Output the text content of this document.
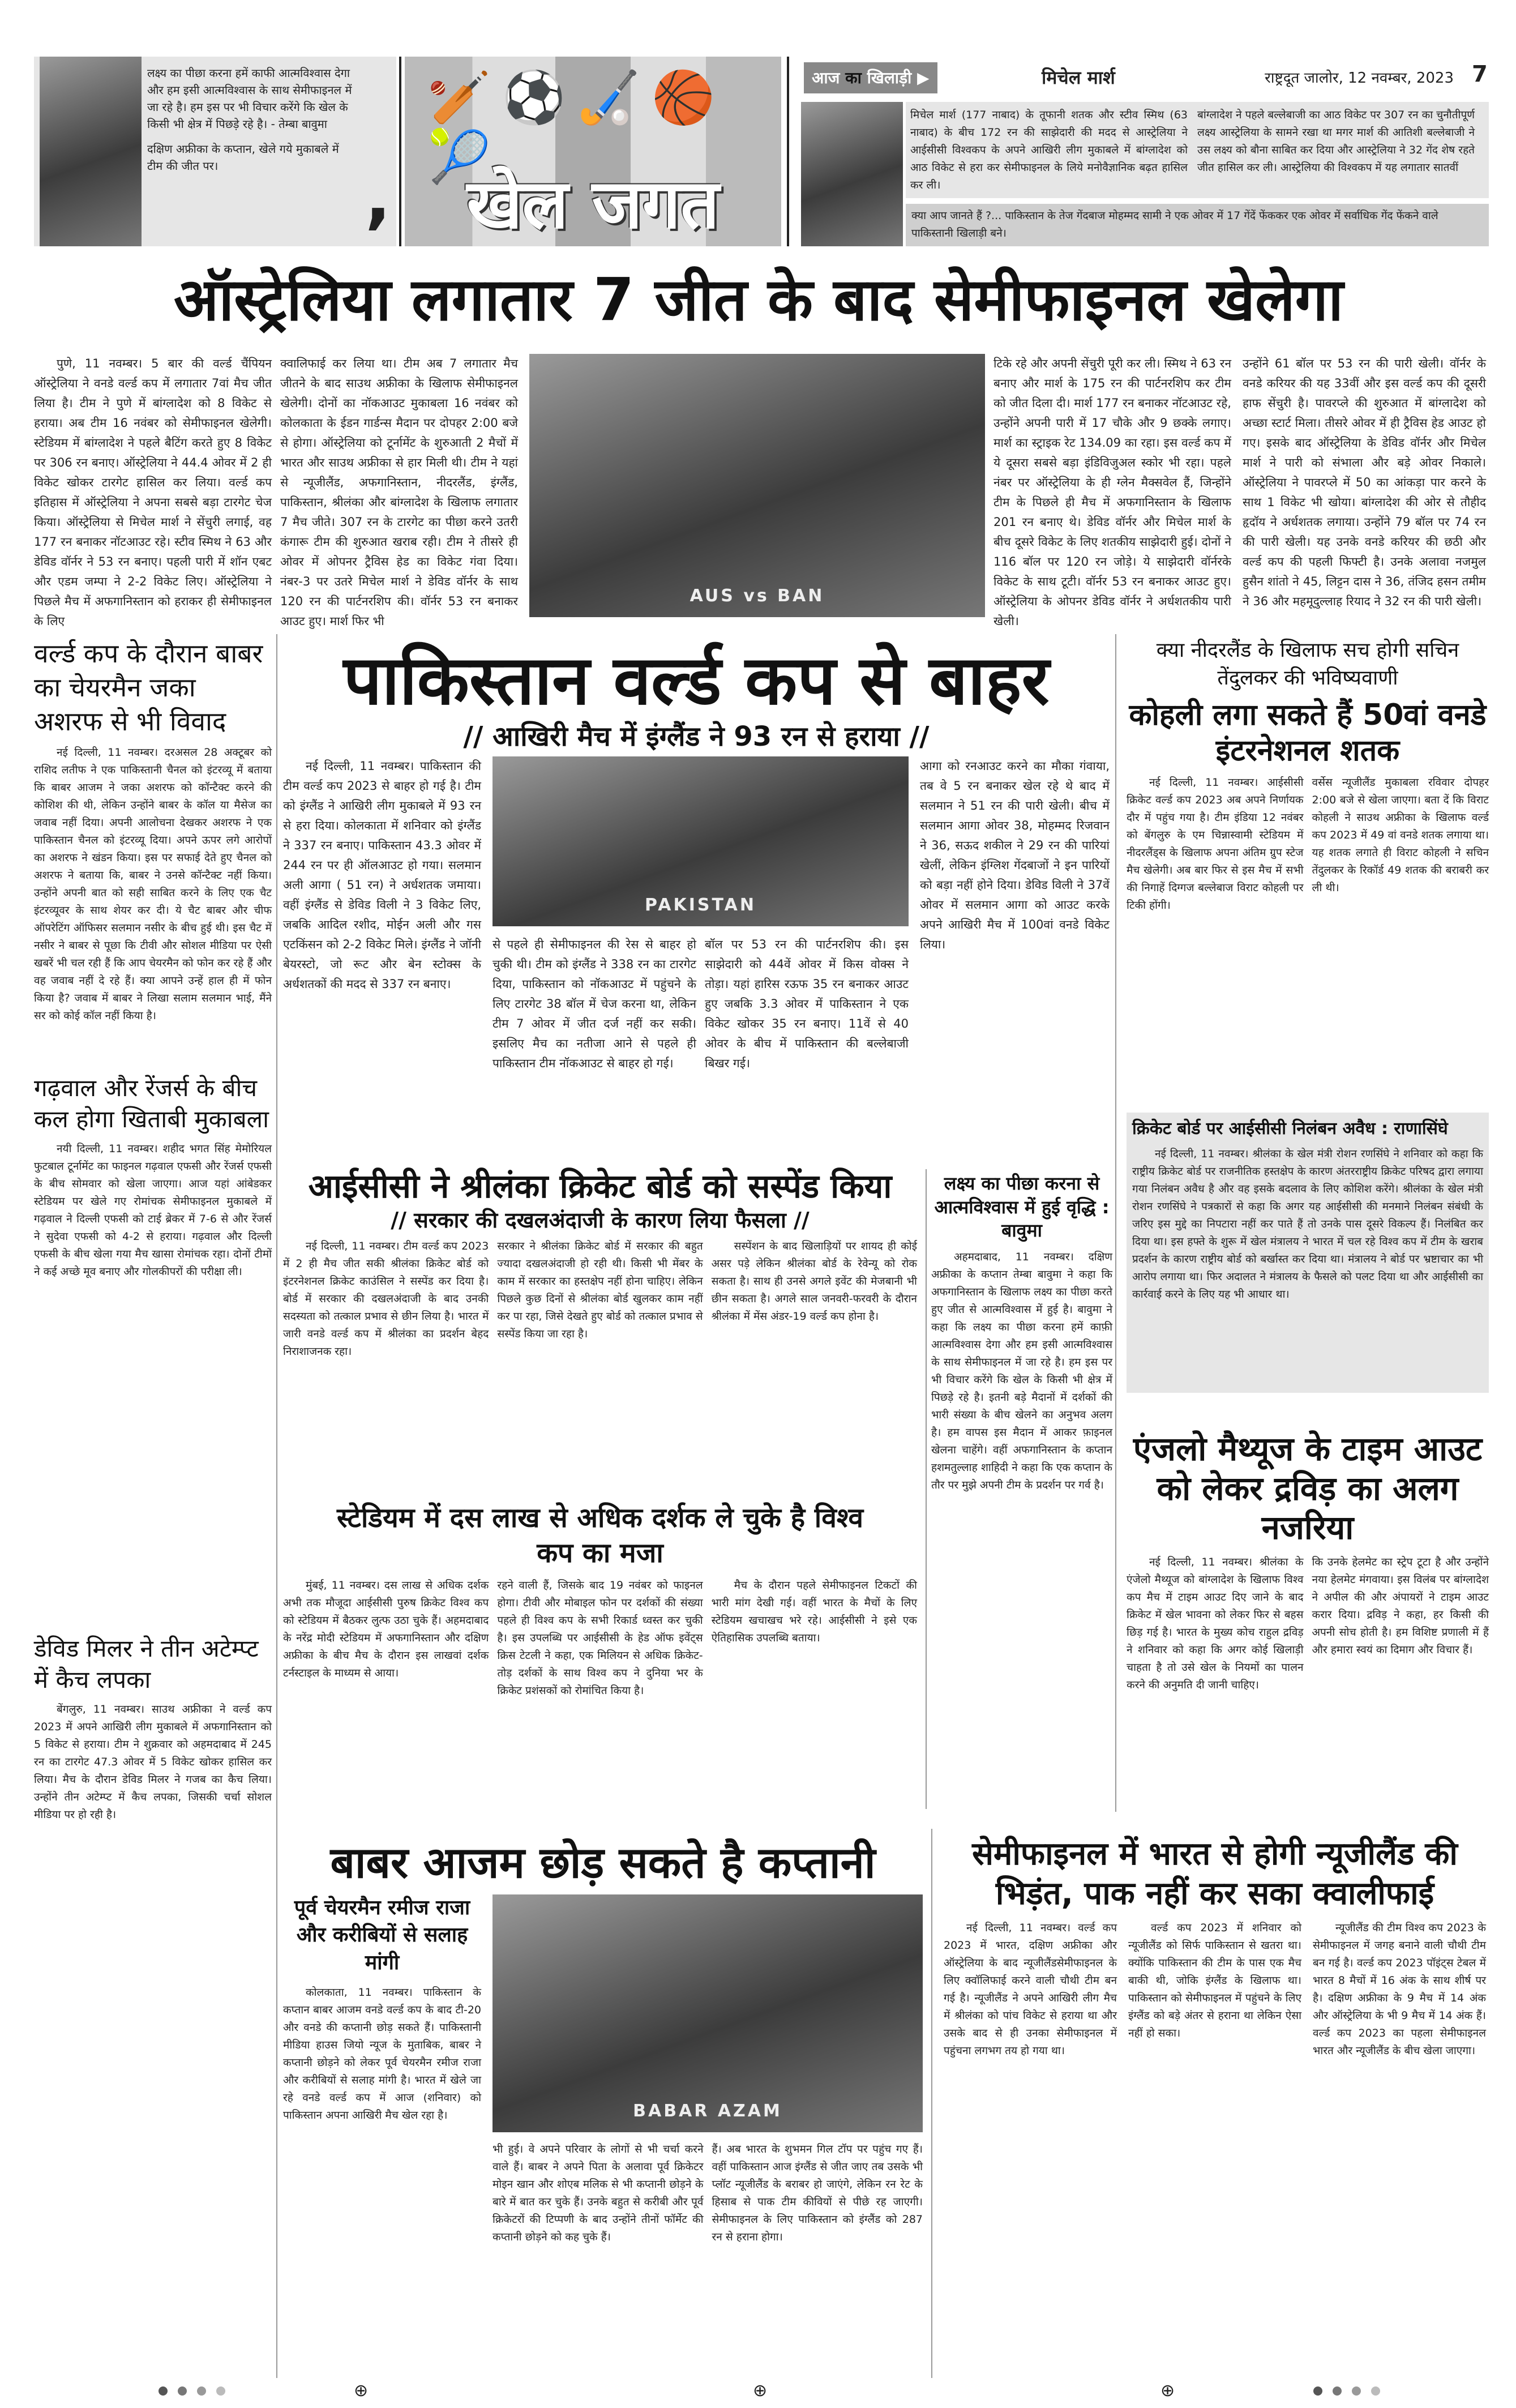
लक्ष्य का पीछा करना हमें काफी आत्मविश्वास देगा और हम इसी आत्मविश्वास के साथ सेमीफाइनल में जा रहे है। हम इस पर भी विचार करेंगे कि खेल के किसी भी क्षेत्र में पिछड़े रहे है। - तेम्बा बावुमा
दक्षिण अफ्रीका के कप्तान, खेले गये मुकाबले में टीम की जीत पर।	,
🏏⚽🏑🏀🎾
खेल जगत
आज का खिलाड़ी ▶	मिचेल मार्श	राष्ट्रदूत जालोर, 12 नवम्बर, 2023 7
मिचेल मार्श (177 नाबाद) के तूफानी शतक और स्टीव स्मिथ (63 नाबाद) के बीच 172 रन की साझेदारी की मदद से आस्ट्रेलिया ने आईसीसी विश्वकप के अपने आखिरी लीग मुकाबले में बांग्लादेश को आठ विकेट से हरा कर सेमीफाइनल के लिये मनोवैज्ञानिक बढ़त हासिल कर ली।
बांग्लादेश ने पहले बल्लेबाजी का आठ विकेट पर 307 रन का चुनौतीपूर्ण लक्ष्य आस्ट्रेलिया के सामने रखा था मगर मार्श की आतिशी बल्लेबाजी ने उस लक्ष्य को बौना साबित कर दिया और आस्ट्रेलिया ने 32 गेंद शेष रहते जीत हासिल कर ली। आस्ट्रेलिया की विश्वकप में यह लगातार सातवीं
क्या आप जानते हैं ?... पाकिस्तान के तेज गेंदबाज मोहम्मद सामी ने एक ओवर में 17 गेंदें फेंककर एक ओवर में सर्वाधिक गेंद फेंकने वाले पाकिस्तानी खिलाड़ी बने।
ऑस्ट्रेलिया लगातार 7 जीत के बाद सेमीफाइनल खेलेगा
पुणे, 11 नवम्बर। 5 बार की वर्ल्ड चैंपियन ऑस्ट्रेलिया ने वनडे वर्ल्ड कप में लगातार 7वां मैच जीत लिया है। टीम ने पुणे में बांग्लादेश को 8 विकेट से हराया। अब टीम 16 नवंबर को सेमीफाइनल खेलेगी। स्टेडियम में बांग्लादेश ने पहले बैटिंग करते हुए 8 विकेट पर 306 रन बनाए। ऑस्ट्रेलिया ने 44.4 ओवर में 2 ही विकेट खोकर टारगेट हासिल कर लिया। वर्ल्ड कप इतिहास में ऑस्ट्रेलिया ने अपना सबसे बड़ा टारगेट चेज किया। ऑस्ट्रेलिया से मिचेल मार्श ने सेंचुरी लगाई, वह 177 रन बनाकर नॉटआउट रहे। स्टीव स्मिथ ने 63 और डेविड वॉर्नर ने 53 रन बनाए। पहली पारी में शॉन एबट और एडम जम्पा ने 2-2 विकेट लिए। ऑस्ट्रेलिया ने पिछले मैच में अफगानिस्तान को हराकर ही सेमीफाइनल के लिए
क्वालिफाई कर लिया था। टीम अब 7 लगातार मैच जीतने के बाद साउथ अफ्रीका के खिलाफ सेमीफाइनल खेलेगी। दोनों का नॉकआउट मुकाबला 16 नवंबर को कोलकाता के ईडन गार्डन्स मैदान पर दोपहर 2:00 बजे से होगा। ऑस्ट्रेलिया को टूर्नामेंट के शुरुआती 2 मैचों में भारत और साउथ अफ्रीका से हार मिली थी। टीम ने यहां से न्यूजीलैंड, अफगानिस्तान, नीदरलैंड, इंग्लैंड, पाकिस्तान, श्रीलंका और बांग्लादेश के खिलाफ लगातार 7 मैच जीते। 307 रन के टारगेट का पीछा करने उतरी कंगारू टीम की शुरुआत खराब रही। टीम ने तीसरे ही ओवर में ओपनर ट्रैविस हेड का विकेट गंवा दिया। नंबर-3 पर उतरे मिचेल मार्श ने डेविड वॉर्नर के साथ 120 रन की पार्टनरशिप की। वॉर्नर 53 रन बनाकर आउट हुए। मार्श फिर भी
AUS vs BAN
टिके रहे और अपनी सेंचुरी पूरी कर ली। स्मिथ ने 63 रन बनाए और मार्श के 175 रन की पार्टनरशिप कर टीम को जीत दिला दी। मार्श 177 रन बनाकर नॉटआउट रहे, उन्होंने अपनी पारी में 17 चौके और 9 छक्के लगाए। मार्श का स्ट्राइक रेट 134.09 का रहा। इस वर्ल्ड कप में ये दूसरा सबसे बड़ा इंडिविजुअल स्कोर भी रहा। पहले नंबर पर ऑस्ट्रेलिया के ही ग्लेन मैक्सवेल हैं, जिन्होंने टीम के पिछले ही मैच में अफगानिस्तान के खिलाफ 201 रन बनाए थे। डेविड वॉर्नर और मिचेल मार्श के बीच दूसरे विकेट के लिए शतकीय साझेदारी हुई। दोनों ने 116 बॉल पर 120 रन जोड़े। ये साझेदारी वॉर्नरके विकेट के साथ टूटी। वॉर्नर 53 रन बनाकर आउट हुए। ऑस्ट्रेलिया के ओपनर डेविड वॉर्नर ने अर्धशतकीय पारी खेली।
उन्होंने 61 बॉल पर 53 रन की पारी खेली। वॉर्नर के वनडे करियर की यह 33वीं और इस वर्ल्ड कप की दूसरी हाफ सेंचुरी है। पावरप्ले की शुरुआत में बांग्लादेश को अच्छा स्टार्ट मिला। तीसरे ओवर में ही ट्रैविस हेड आउट हो गए। इसके बाद ऑस्ट्रेलिया के डेविड वॉर्नर और मिचेल मार्श ने पारी को संभाला और बड़े ओवर निकाले। ऑस्ट्रेलिया ने पावरप्ले में 50 का आंकड़ा पार करने के साथ 1 विकेट भी खोया। बांग्लादेश की ओर से तौहीद हृदॉय ने अर्धशतक लगाया। उन्होंने 79 बॉल पर 74 रन की पारी खेली। यह उनके वनडे करियर की छठी और वर्ल्ड कप की पहली फिफ्टी है। उनके अलावा नजमुल हुसैन शांतो ने 45, लिट्टन दास ने 36, तंजिद हसन तमीम ने 36 और महमूदुल्लाह रियाद ने 32 रन की पारी खेली।
वर्ल्ड कप के दौरान बाबर का चेयरमैन जका अशरफ से भी विवाद
नई दिल्ली, 11 नवम्बर। दरअसल 28 अक्टूबर को राशिद लतीफ ने एक पाकिस्तानी चैनल को इंटरव्यू में बताया कि बाबर आजम ने जका अशरफ को कॉन्टैक्ट करने की कोशिश की थी, लेकिन उन्होंने बाबर के कॉल या मैसेज का जवाब नहीं दिया। अपनी आलोचना देखकर अशरफ ने एक पाकिस्तान चैनल को इंटरव्यू दिया। अपने ऊपर लगे आरोपों का अशरफ ने खंडन किया। इस पर सफाई देते हुए चैनल को अशरफ ने बताया कि, बाबर ने उनसे कॉन्टैक्ट नहीं किया। उन्होंने अपनी बात को सही साबित करने के लिए एक चैट इंटरव्यूवर के साथ शेयर कर दी। ये चैट बाबर और चीफ ऑपरेटिंग ऑफिसर सलमान नसीर के बीच हुई थी। इस चैट में नसीर ने बाबर से पूछा कि टीवी और सोशल मीडिया पर ऐसी खबरें भी चल रही हैं कि आप चेयरमैन को फोन कर रहे हैं और वह जवाब नहीं दे रहे हैं। क्या आपने उन्हें हाल ही में फोन किया है? जवाब में बाबर ने लिखा सलाम सलमान भाई, मैंने सर को कोई कॉल नहीं किया है।
गढ़वाल और रेंजर्स के बीच कल होगा खिताबी मुकाबला
नयी दिल्ली, 11 नवम्बर। शहीद भगत सिंह मेमोरियल फुटबाल टूर्नामेंट का फाइनल गढ़वाल एफसी और रेंजर्स एफसी के बीच सोमवार को खेला जाएगा। आज यहां आंबेडकर स्टेडियम पर खेले गए रोमांचक सेमीफाइनल मुकाबले में गढ़वाल ने दिल्ली एफसी को टाई ब्रेकर में 7-6 से और रेंजर्स ने सुदेवा एफसी को 4-2 से हराया। गढ़वाल और दिल्ली एफसी के बीच खेला गया मैच खासा रोमांचक रहा। दोनों टीमों ने कई अच्छे मूव बनाए और गोलकीपरों की परीक्षा ली।
डेविड मिलर ने तीन अटेम्प्ट में कैच लपका
बेंगलुरु, 11 नवम्बर। साउथ अफ्रीका ने वर्ल्ड कप 2023 में अपने आखिरी लीग मुकाबले में अफगानिस्तान को 5 विकेट से हराया। टीम ने शुक्रवार को अहमदाबाद में 245 रन का टारगेट 47.3 ओवर में 5 विकेट खोकर हासिल कर लिया। मैच के दौरान डेविड मिलर ने गजब का कैच लिया। उन्होंने तीन अटेम्प्ट में कैच लपका, जिसकी चर्चा सोशल मीडिया पर हो रही है।
पाकिस्तान वर्ल्ड कप से बाहर
// आखिरी मैच में इंग्लैंड ने 93 रन से हराया //
नई दिल्ली, 11 नवम्बर। पाकिस्तान की टीम वर्ल्ड कप 2023 से बाहर हो गई है। टीम को इंग्लैंड ने आखिरी लीग मुकाबले में 93 रन से हरा दिया। कोलकाता में शनिवार को इंग्लैंड ने 337 रन बनाए। पाकिस्तान 43.3 ओवर में 244 रन पर ही ऑलआउट हो गया। सलमान अली आगा ( 51 रन) ने अर्धशतक जमाया। वहीं इंग्लैंड से डेविड विली ने 3 विकेट लिए, जबकि आदिल रशीद, मोईन अली और गस एटकिंसन को 2-2 विकेट मिले। इंग्लैंड ने जॉनी बेयरस्टो, जो रूट और बेन स्टोक्स के अर्धशतकों की मदद से 337 रन बनाए।
PAKISTAN
से पहले ही सेमीफाइनल की रेस से बाहर हो चुकी थी। टीम को इंग्लैंड ने 338 रन का टारगेट दिया, पाकिस्तान को नॉकआउट में पहुंचने के लिए टारगेट 38 बॉल में चेज करना था, लेकिन टीम 7 ओवर में जीत दर्ज नहीं कर सकी। इसलिए मैच का नतीजा आने से पहले ही पाकिस्तान टीम नॉकआउट से बाहर हो गई।
बॉल पर 53 रन की पार्टनरशिप की। इस साझेदारी को 44वें ओवर में किस वोक्स ने तोड़ा। यहां हारिस रऊफ 35 रन बनाकर आउट हुए जबकि 3.3 ओवर में पाकिस्तान ने एक विकेट खोकर 35 रन बनाए। 11वें से 40 ओवर के बीच में पाकिस्तान की बल्लेबाजी बिखर गई।
आगा को रनआउट करने का मौका गंवाया, तब वे 5 रन बनाकर खेल रहे थे बाद में सलमान ने 51 रन की पारी खेली। बीच में सलमान आगा ओवर 38, मोहम्मद रिजवान ने 36, सऊद शकील ने 29 रन की पारियां खेलीं, लेकिन इंग्लिश गेंदबाजों ने इन पारियों को बड़ा नहीं होने दिया। डेविड विली ने 37वें ओवर में सलमान आगा को आउट करके अपने आखिरी मैच में 100वां वनडे विकेट लिया।
क्या नीदरलैंड के खिलाफ सच होगी सचिन तेंदुलकर की भविष्यवाणी
कोहली लगा सकते हैं 50वां वनडे इंटरनेशनल शतक
नई दिल्ली, 11 नवम्बर। आईसीसी क्रिकेट वर्ल्ड कप 2023 अब अपने निर्णायक दौर में पहुंच गया है। टीम इंडिया 12 नवंबर को बेंगलुरु के एम चिन्नास्वामी स्टेडियम में नीदरलैंड्स के खिलाफ अपना अंतिम ग्रुप स्टेज मैच खेलेगी। अब बार फिर से इस मैच में सभी की निगाहें दिग्गज बल्लेबाज विराट कोहली पर टिकी होंगी।
वर्सेस न्यूजीलैंड मुकाबला रविवार दोपहर 2:00 बजे से खेला जाएगा। बता दें कि विराट कोहली ने साउथ अफ्रीका के खिलाफ वर्ल्ड कप 2023 में 49 वां वनडे शतक लगाया था। यह शतक लगाते ही विराट कोहली ने सचिन तेंदुलकर के रिकॉर्ड 49 शतक की बराबरी कर ली थी।
क्रिकेट बोर्ड पर आईसीसी निलंबन अवैध : राणासिंघे
नई दिल्ली, 11 नवम्बर। श्रीलंका के खेल मंत्री रोशन रणसिंघे ने शनिवार को कहा कि राष्ट्रीय क्रिकेट बोर्ड पर राजनीतिक हस्तक्षेप के कारण अंतरराष्ट्रीय क्रिकेट परिषद द्वारा लगाया गया निलंबन अवैध है और वह इसके बदलाव के लिए कोशिश करेंगे। श्रीलंका के खेल मंत्री रोशन रणसिंघे ने पत्रकारों से कहा कि अगर यह आईसीसी की मनमाने निलंबन संबंधी के जरिए इस मुद्दे का निपटारा नहीं कर पाते हैं तो उनके पास दूसरे विकल्प हैं। निलंबित कर दिया था। इस हफ्ते के शुरू में खेल मंत्रालय ने भारत में चल रहे विश्व कप में टीम के खराब प्रदर्शन के कारण राष्ट्रीय बोर्ड को बर्खास्त कर दिया था। मंत्रालय ने बोर्ड पर भ्रष्टाचार का भी आरोप लगाया था। फिर अदालत ने मंत्रालय के फैसले को पलट दिया था और आईसीसी का कार्रवाई करने के लिए यह भी आधार था।
आईसीसी ने श्रीलंका क्रिकेट बोर्ड को सस्पेंड किया
// सरकार की दखलअंदाजी के कारण लिया फैसला //
नई दिल्ली, 11 नवम्बर। टीम वर्ल्ड कप 2023 में 2 ही मैच जीत सकी श्रीलंका क्रिकेट बोर्ड को इंटरनेशनल क्रिकेट काउंसिल ने सस्पेंड कर दिया है। बोर्ड में सरकार की दखलअंदाजी के बाद उनकी सदस्यता को तत्काल प्रभाव से छीन लिया है। भारत में जारी वनडे वर्ल्ड कप में श्रीलंका का प्रदर्शन बेहद निराशाजनक रहा।
सरकार ने श्रीलंका क्रिकेट बोर्ड में सरकार की बहुत ज्यादा दखलअंदाजी हो रही थी। किसी भी मेंबर के काम में सरकार का हस्तक्षेप नहीं होना चाहिए। लेकिन पिछले कुछ दिनों से श्रीलंका बोर्ड खुलकर काम नहीं कर पा रहा, जिसे देखते हुए बोर्ड को तत्काल प्रभाव से सस्पेंड किया जा रहा है।
सस्पेंशन के बाद खिलाड़ियों पर शायद ही कोई असर पड़े लेकिन श्रीलंका बोर्ड के रेवेन्यू को रोक सकता है। साथ ही उनसे अगले इवेंट की मेजबानी भी छीन सकता है। अगले साल जनवरी-फरवरी के दौरान श्रीलंका में मेंस अंडर-19 वर्ल्ड कप होना है।
लक्ष्य का पीछा करना से आत्मविश्वास में हुई वृद्धि : बावुमा
अहमदाबाद, 11 नवम्बर। दक्षिण अफ्रीका के कप्तान तेम्बा बावुमा ने कहा कि अफगानिस्तान के खिलाफ लक्ष्य का पीछा करते हुए जीत से आत्मविश्वास में हुई है। बावुमा ने कहा कि लक्ष्य का पीछा करना हमें काफ़ी आत्मविश्वास देगा और हम इसी आत्मविश्वास के साथ सेमीफाइनल में जा रहे है। हम इस पर भी विचार करेंगे कि खेल के किसी भी क्षेत्र में पिछड़े रहे है। इतनी बड़े मैदानों में दर्शकों की भारी संख्या के बीच खेलने का अनुभव अलग है। हम वापस इस मैदान में आकर फ़ाइनल खेलना चाहेंगे। वहीं अफगानिस्तान के कप्तान हशमतुल्लाह शाहिदी ने कहा कि एक कप्तान के तौर पर मुझे अपनी टीम के प्रदर्शन पर गर्व है।
एंजलो मैथ्यूज के टाइम आउट को लेकर द्रविड़ का अलग नजरिया
नई दिल्ली, 11 नवम्बर। श्रीलंका के एंजेलो मैथ्यूज को बांग्लादेश के खिलाफ विश्व कप मैच में टाइम आउट दिए जाने के बाद क्रिकेट में खेल भावना को लेकर फिर से बहस छिड़ गई है। भारत के मुख्य कोच राहुल द्रविड़ ने शनिवार को कहा कि अगर कोई खिलाड़ी चाहता है तो उसे खेल के नियमों का पालन करने की अनुमति दी जानी चाहिए।
कि उनके हेलमेट का स्ट्रेप टूटा है और उन्होंने नया हेलमेट मंगवाया। इस विलंब पर बांग्लादेश ने अपील की और अंपायरों ने टाइम आउट करार दिया। द्रविड़ ने कहा, हर किसी की अपनी सोच होती है। हम विशिष्ट प्रणाली में हैं और हमारा स्वयं का दिमाग और विचार हैं।
स्टेडियम में दस लाख से अधिक दर्शक ले चुके है विश्व कप का मजा
मुंबई, 11 नवम्बर। दस लाख से अधिक दर्शक अभी तक मौजूदा आईसीसी पुरुष क्रिकेट विश्व कप को स्टेडियम में बैठकर लुत्फ उठा चुके हैं। अहमदाबाद के नरेंद्र मोदी स्टेडियम में अफगानिस्तान और दक्षिण अफ्रीका के बीच मैच के दौरान इस लाखवां दर्शक टर्नस्टाइल के माध्यम से आया।
रहने वाली हैं, जिसके बाद 19 नवंबर को फाइनल होगा। टीवी और मोबाइल फोन पर दर्शकों की संख्या पहले ही विश्व कप के सभी रिकार्ड ध्वस्त कर चुकी है। इस उपलब्धि पर आईसीसी के हेड ऑफ इवेंट्स क्रिस टेटली ने कहा, एक मिलियन से अधिक क्रिकेट-तोड़ दर्शकों के साथ विश्व कप ने दुनिया भर के क्रिकेट प्रशंसकों को रोमांचित किया है।
मैच के दौरान पहले सेमीफाइनल टिकटों की भारी मांग देखी गई। वहीं भारत के मैचों के लिए स्टेडियम खचाखच भरे रहे। आईसीसी ने इसे एक ऐतिहासिक उपलब्धि बताया।
बाबर आजम छोड़ सकते है कप्तानी
पूर्व चेयरमैन रमीज राजा और करीबियों से सलाह मांगी
कोलकाता, 11 नवम्बर। पाकिस्तान के कप्तान बाबर आजम वनडे वर्ल्ड कप के बाद टी-20 और वनडे की कप्तानी छोड़ सकते हैं। पाकिस्तानी मीडिया हाउस जियो न्यूज के मुताबिक, बाबर ने कप्तानी छोड़ने को लेकर पूर्व चेयरमैन रमीज राजा और करीबियों से सलाह मांगी है। भारत में खेले जा रहे वनडे वर्ल्ड कप में आज (शनिवार) को पाकिस्तान अपना आखिरी मैच खेल रहा है।	BABAR AZAM
भी हुई। वे अपने परिवार के लोगों से भी चर्चा करने वाले हैं। बाबर ने अपने पिता के अलावा पूर्व क्रिकेटर मोइन खान और शोएब मलिक से भी कप्तानी छोड़ने के बारे में बात कर चुके हैं। उनके बहुत से करीबी और पूर्व क्रिकेटरों की टिप्पणी के बाद उन्होंने तीनों फॉर्मेट की कप्तानी छोड़ने को कह चुके हैं।
हैं। अब भारत के शुभमन गिल टॉप पर पहुंच गए हैं। वहीं पाकिस्तान आज इंग्लैंड से जीत जाए तब उसके भी प्लॉट न्यूजीलैंड के बराबर हो जाएंगे, लेकिन रन रेट के हिसाब से पाक टीम कीवियों से पीछे रह जाएगी। सेमीफाइनल के लिए पाकिस्तान को इंग्लैंड को 287 रन से हराना होगा।
सेमीफाइनल में भारत से होगी न्यूजीलैंड की भिड़ंत, पाक नहीं कर सका क्वालीफाई
नई दिल्ली, 11 नवम्बर। वर्ल्ड कप 2023 में भारत, दक्षिण अफ्रीका और ऑस्ट्रेलिया के बाद न्यूजीलैंडसेमीफाइनल के लिए क्वॉलिफाई करने वाली चौथी टीम बन गई है। न्यूजीलैंड ने अपने आखिरी लीग मैच में श्रीलंका को पांच विकेट से हराया था और उसके बाद से ही उनका सेमीफाइनल में पहुंचना लगभग तय हो गया था।
वर्ल्ड कप 2023 में शनिवार को न्यूजीलैंड को सिर्फ पाकिस्तान से खतरा था। क्योंकि पाकिस्तान की टीम के पास एक मैच बाकी थी, जोकि इंग्लैंड के खिलाफ था। पाकिस्तान को सेमीफाइनल में पहुंचने के लिए इंग्लैंड को बड़े अंतर से हराना था लेकिन ऐसा नहीं हो सका।
न्यूजीलैंड की टीम विश्व कप 2023 के सेमीफाइनल में जगह बनाने वाली चौथी टीम बन गई है। वर्ल्ड कप 2023 पॉइंट्स टेबल में भारत 8 मैचों में 16 अंक के साथ शीर्ष पर है। दक्षिण अफ्रीका के 9 मैच में 14 अंक और ऑस्ट्रेलिया के भी 9 मैच में 14 अंक हैं। वर्ल्ड कप 2023 का पहला सेमीफाइनल भारत और न्यूजीलैंड के बीच खेला जाएगा।
⊕	⊕	⊕
